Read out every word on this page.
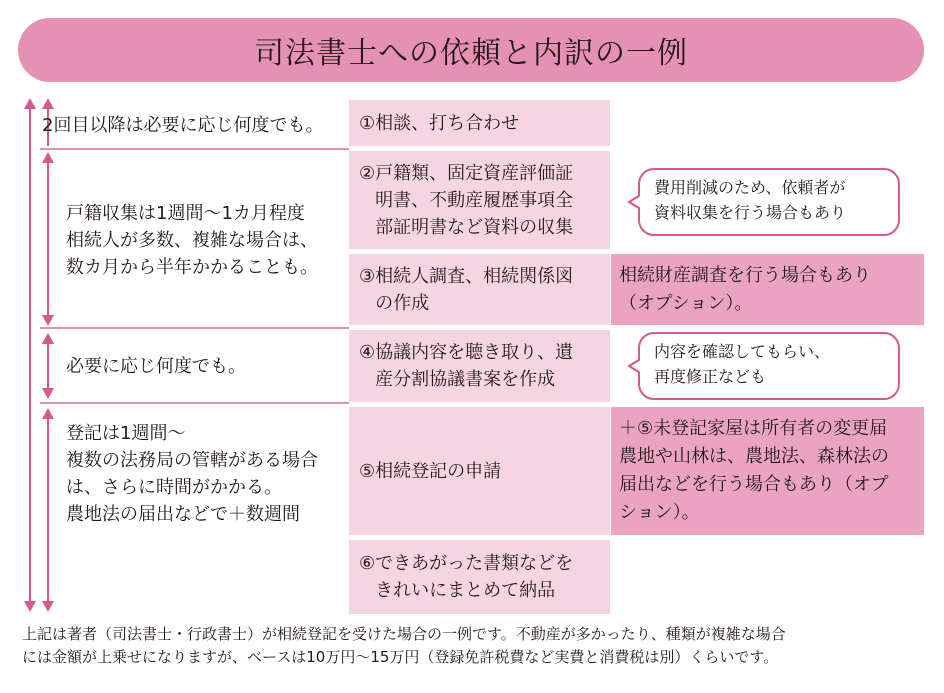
司法書士への依頼と内訳の一例
2回目以降は必要に応じ何度でも。
戸籍収集は1週間〜1カ月程度
相続人が多数、複雑な場合は、
数カ月から半年かかることも。
必要に応じ何度でも。
登記は1週間〜
複数の法務局の管轄がある場合
は、さらに時間がかかる。
農地法の届出などで＋数週間
① 相談、打ち合わせ
② 戸籍類、固定資産評価証
明書、不動産履歴事項全
部証明書など資料の収集
③ 相続人調査、相続関係図
の作成
④ 協議内容を聴き取り、遺
産分割協議書案を作成
⑤ 相続登記の申請
⑥ できあがった書類などを
きれいにまとめて納品
相続財産調査を行う場合もあり
（オプション）。
＋⑤未登記家屋は所有者の変更届
農地や山林は、農地法、森林法の
届出などを行う場合もあり（オプ
ション）。
費用削減のため、依頼者が
資料収集を行う場合もあり
内容を確認してもらい、
再度修正なども
上記は著者（司法書士・行政書士）が相続登記を受けた場合の一例です。不動産が多かったり、種類が複雑な場合
には金額が上乗せになりますが、ベースは10万円〜15万円（登録免許税費など実費と消費税は別）くらいです。
